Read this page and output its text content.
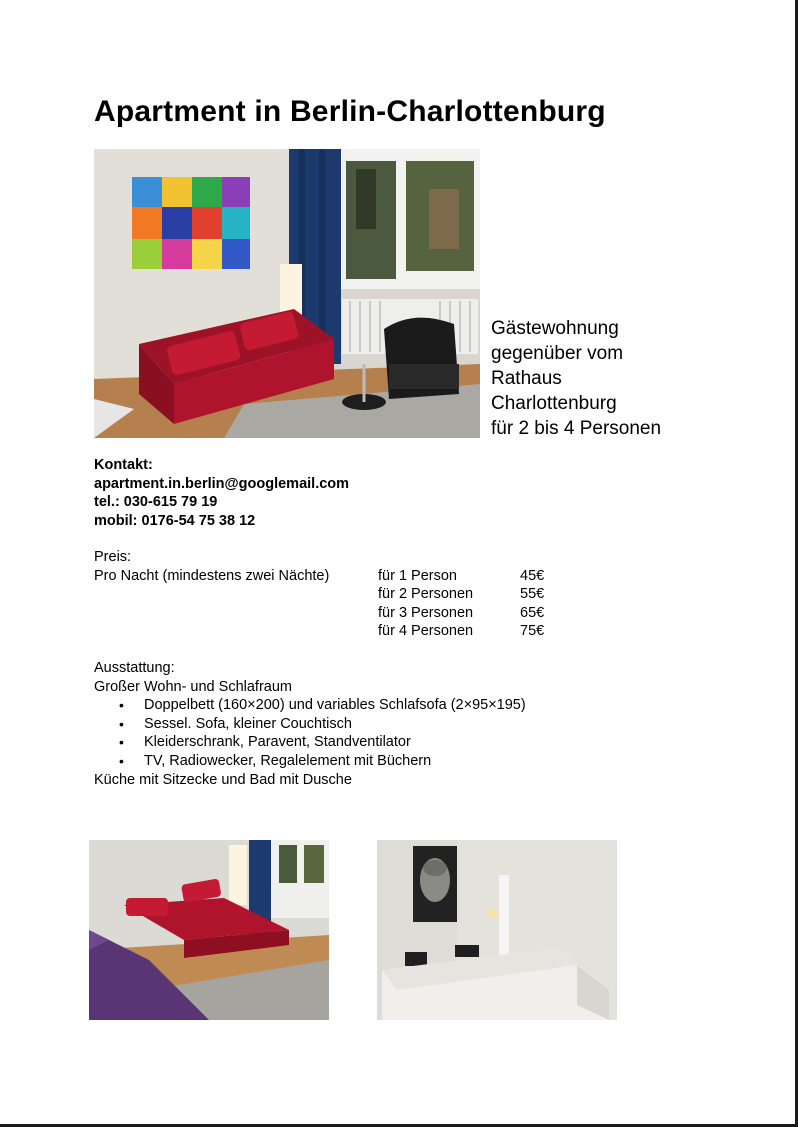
Apartment in Berlin-Charlottenburg
Gästewohnung
gegenüber vom
Rathaus
Charlottenburg
für 2 bis 4 Personen
Kontakt:
apartment.in.berlin@googlemail.com
tel.: 030-615 79 19
mobil: 0176-54 75 38 12
Preis:
Pro Nacht (mindestens zwei Nächte)	für 1 Person	45€
für 2 Personen	55€
für 3 Personen	65€
für 4 Personen	75€
Ausstattung:
Großer Wohn- und Schlafraum
• Doppelbett (160×200) und variables Schlafsofa (2×95×195)
• Sessel. Sofa, kleiner Couchtisch
• Kleiderschrank, Paravent, Standventilator
• TV, Radiowecker, Regalelement mit Büchern
Küche mit Sitzecke und Bad mit Dusche
